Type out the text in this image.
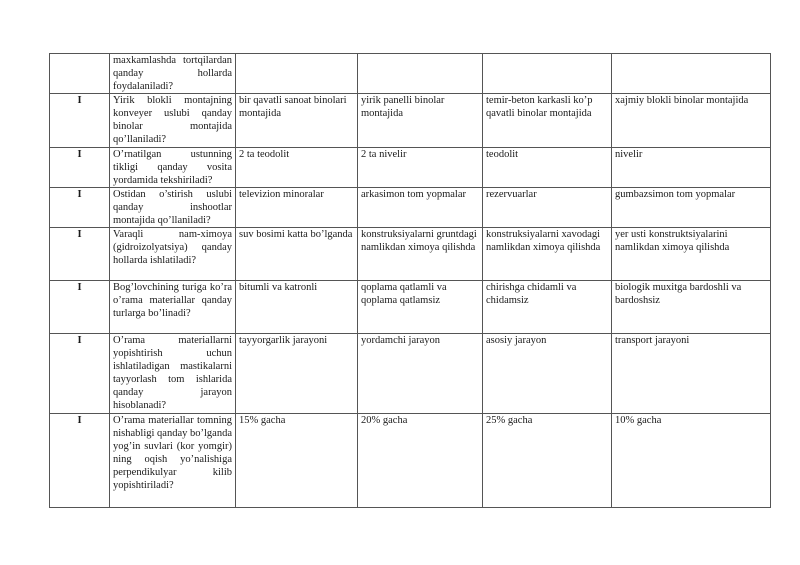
	maxkamlashda tortqilardan qanday hollarda foydalaniladi?				
I	Yirik blokli montajning konveyer uslubi qanday binolar montajida qo’llaniladi?	bir qavatli sanoat binolari montajida	yirik panelli binolar montajida	temir-beton karkasli ko’p qavatli binolar montajida	xajmiy blokli binolar montajida
I	O’rnatilgan ustunning tikligi qanday vosita yordamida tekshiriladi?	2 ta teodolit	2 ta nivelir	teodolit	nivelir
I	Ostidan o’stirish uslubi qanday inshootlar montajida qo’llaniladi?	televizion minoralar	arkasimon tom yopmalar	rezervuarlar	gumbazsimon tom yopmalar
I	Varaqli nam-ximoya (gidroizolyatsiya) qanday hollarda ishlatiladi?	suv bosimi katta bo’lganda	konstruksiyalarni gruntdagi namlikdan ximoya qilishda	konstruksiyalarni xavodagi namlikdan ximoya qilishda	yer usti konstruktsiyalarini namlikdan ximoya qilishda
I	Bog’lovchining turiga ko’ra o’rama materiallar qanday turlarga bo’linadi?	bitumli va katronli	qoplama qatlamli va qoplama qatlamsiz	chirishga chidamli va chidamsiz	biologik muxitga bardoshli va bardoshsiz
I	O’rama materiallarni yopishtirish uchun ishlatiladigan mastikalarni tayyorlash tom ishlarida qanday jarayon hisoblanadi?	tayyorgarlik jarayoni	yordamchi jarayon	asosiy jarayon	transport jarayoni
I	O’rama materiallar tomning nishabligi qanday bo’lganda yog’in suvlari (kor yomgir) ning oqish yo’nalishiga perpendikulyar kilib yopishtiriladi?	15% gacha	20% gacha	25% gacha	10% gacha
